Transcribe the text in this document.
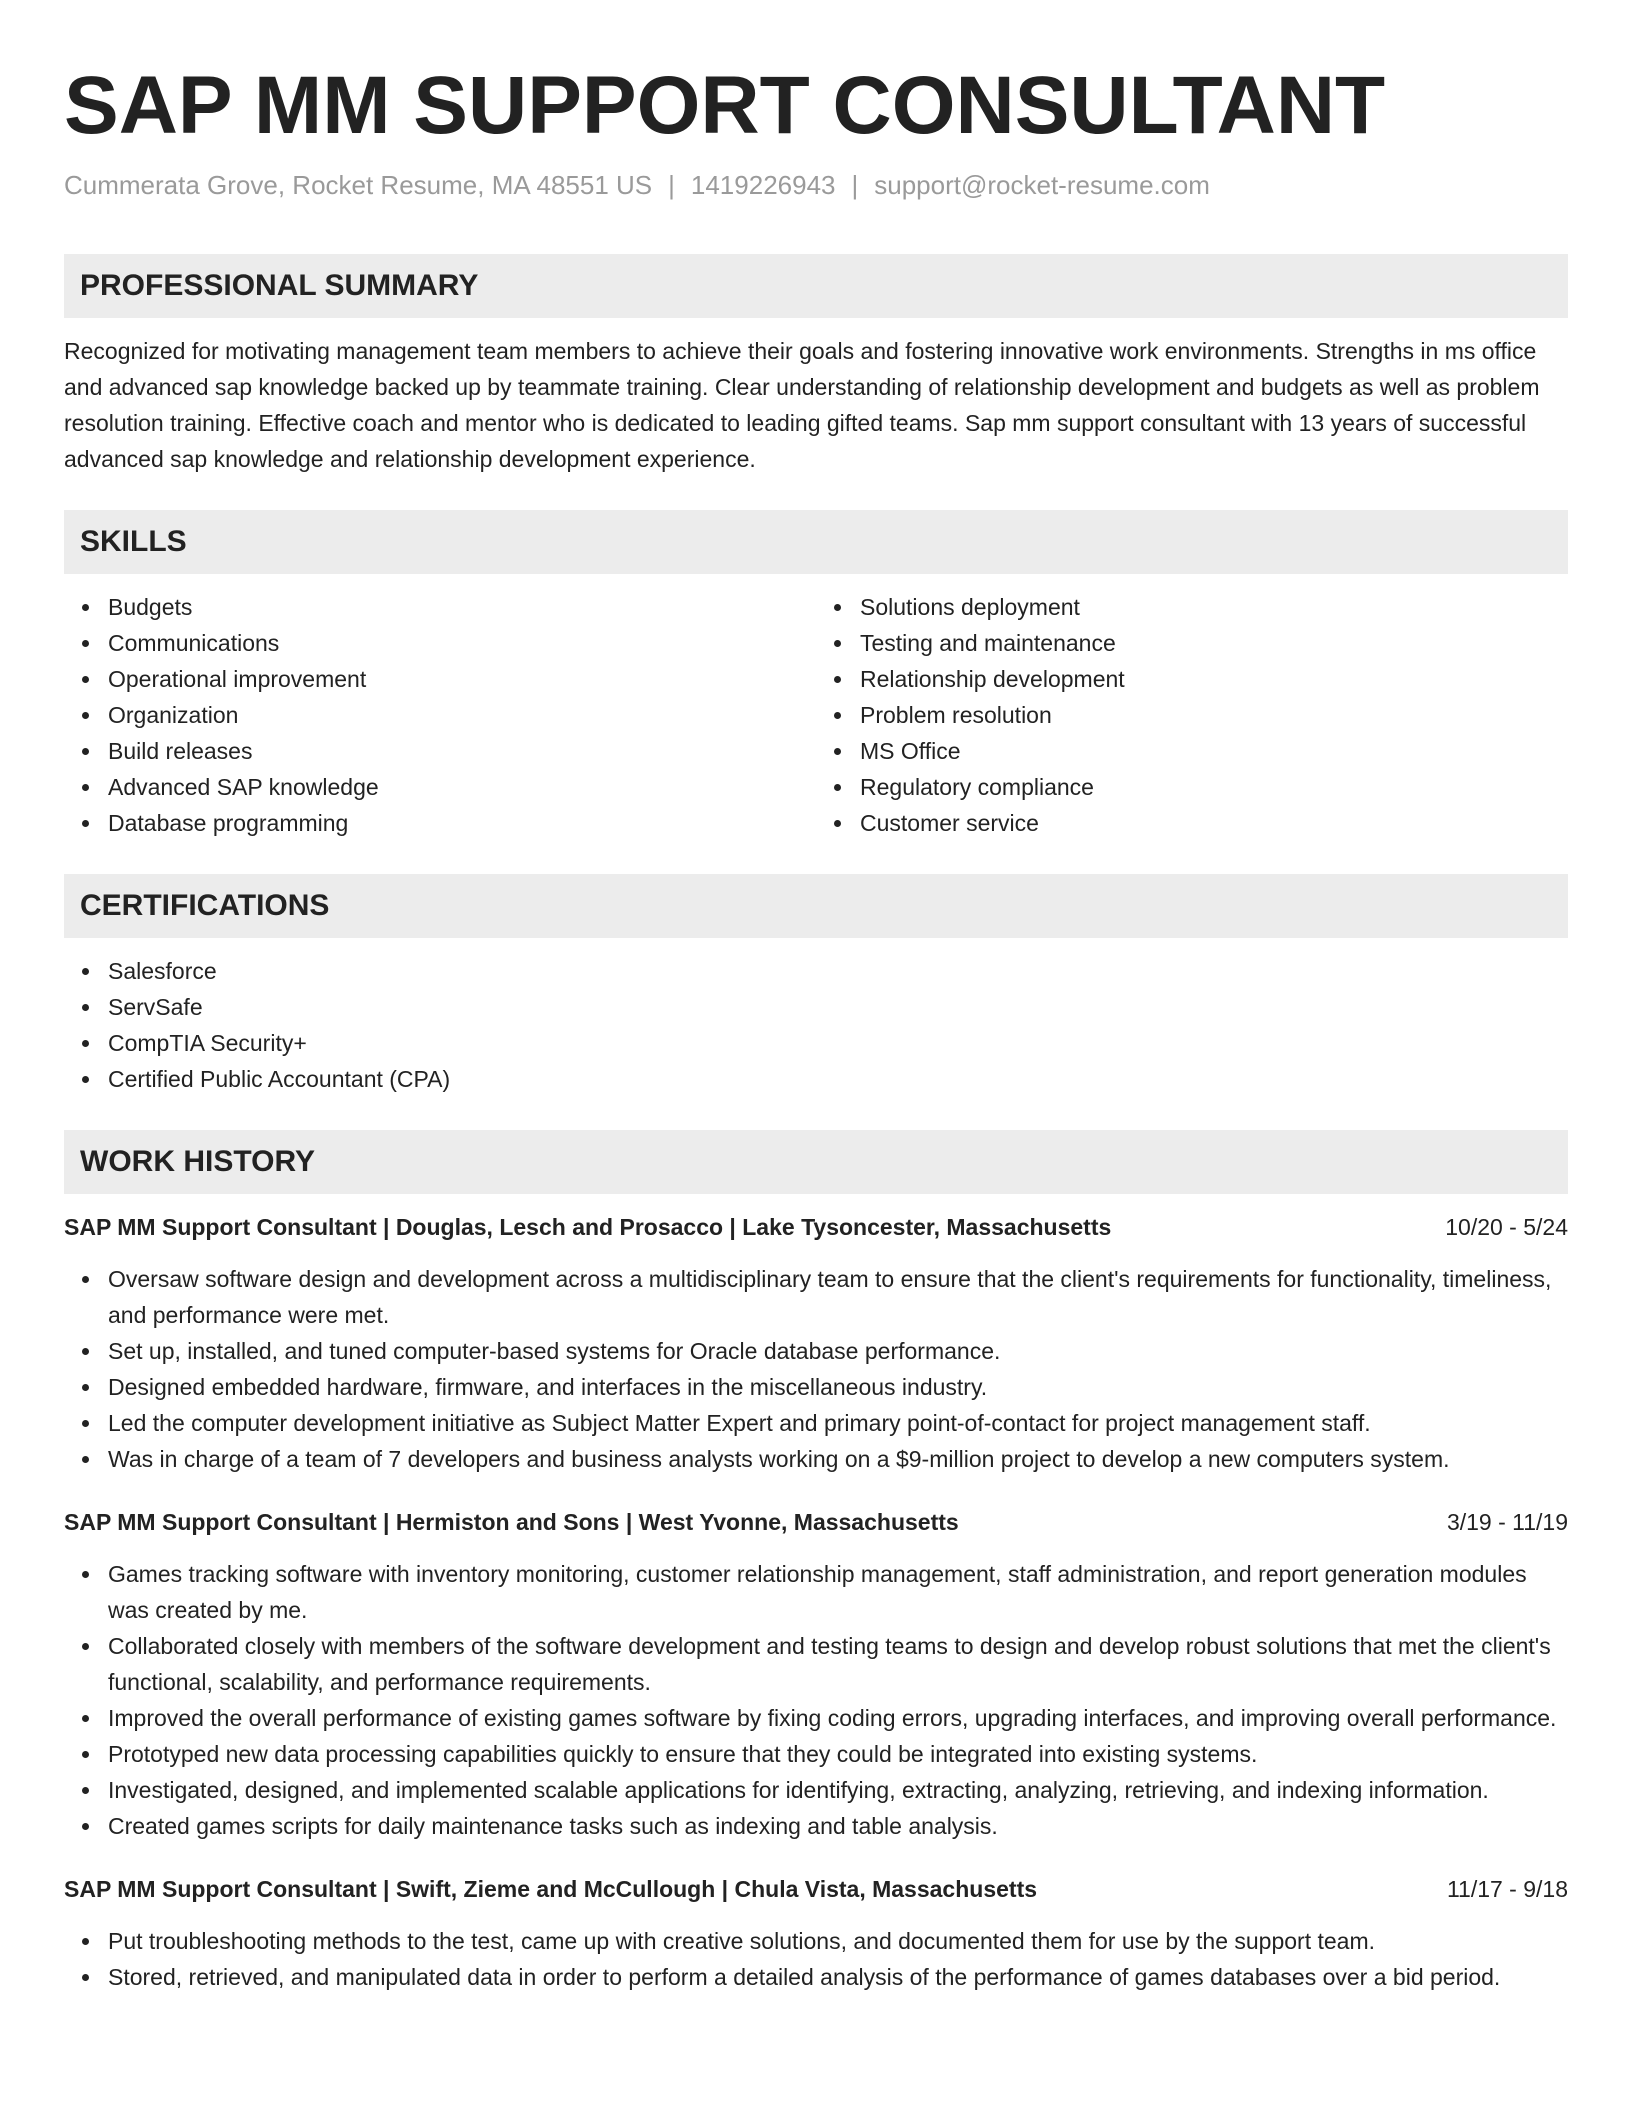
SAP MM SUPPORT CONSULTANT
Cummerata Grove, Rocket Resume, MA 48551 US | 1419226943 | support@rocket-resume.com
PROFESSIONAL SUMMARY
Recognized for motivating management team members to achieve their goals and fostering innovative work environments. Strengths in ms office and advanced sap knowledge backed up by teammate training. Clear understanding of relationship development and budgets as well as problem resolution training. Effective coach and mentor who is dedicated to leading gifted teams. Sap mm support consultant with 13 years of successful advanced sap knowledge and relationship development experience.
SKILLS
Budgets
Communications
Operational improvement
Organization
Build releases
Advanced SAP knowledge
Database programming
Solutions deployment
Testing and maintenance
Relationship development
Problem resolution
MS Office
Regulatory compliance
Customer service
CERTIFICATIONS
Salesforce
ServSafe
CompTIA Security+
Certified Public Accountant (CPA)
WORK HISTORY
SAP MM Support Consultant | Douglas, Lesch and Prosacco | Lake Tysoncester, Massachusetts	10/20 - 5/24
Oversaw software design and development across a multidisciplinary team to ensure that the client's requirements for functionality, timeliness, and performance were met.
Set up, installed, and tuned computer-based systems for Oracle database performance.
Designed embedded hardware, firmware, and interfaces in the miscellaneous industry.
Led the computer development initiative as Subject Matter Expert and primary point-of-contact for project management staff.
Was in charge of a team of 7 developers and business analysts working on a $9-million project to develop a new computers system.
SAP MM Support Consultant | Hermiston and Sons | West Yvonne, Massachusetts	3/19 - 11/19
Games tracking software with inventory monitoring, customer relationship management, staff administration, and report generation modules was created by me.
Collaborated closely with members of the software development and testing teams to design and develop robust solutions that met the client's functional, scalability, and performance requirements.
Improved the overall performance of existing games software by fixing coding errors, upgrading interfaces, and improving overall performance.
Prototyped new data processing capabilities quickly to ensure that they could be integrated into existing systems.
Investigated, designed, and implemented scalable applications for identifying, extracting, analyzing, retrieving, and indexing information.
Created games scripts for daily maintenance tasks such as indexing and table analysis.
SAP MM Support Consultant | Swift, Zieme and McCullough | Chula Vista, Massachusetts	11/17 - 9/18
Put troubleshooting methods to the test, came up with creative solutions, and documented them for use by the support team.
Stored, retrieved, and manipulated data in order to perform a detailed analysis of the performance of games databases over a bid period.
